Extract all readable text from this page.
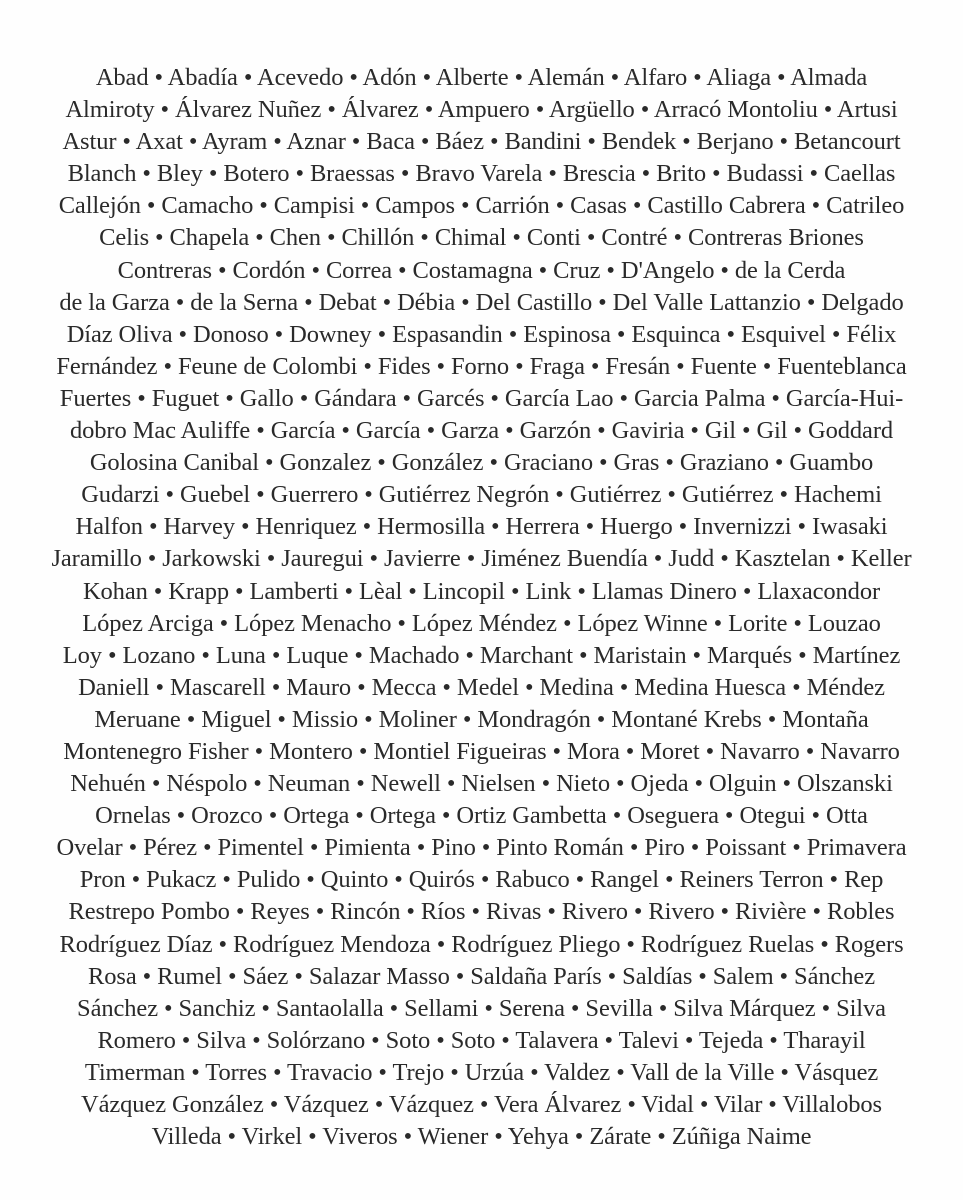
Abad • Abadía • Acevedo • Adón • Alberte • Alemán • Alfaro • Aliaga • Almada
Almiroty • Álvarez Nuñez • Álvarez • Ampuero • Argüello • Arracó Montoliu • Artusi
Astur • Axat • Ayram • Aznar • Baca • Báez • Bandini • Bendek • Berjano • Betancourt
Blanch • Bley • Botero • Braessas • Bravo Varela • Brescia • Brito • Budassi • Caellas
Callejón • Camacho • Campisi • Campos • Carrión • Casas • Castillo Cabrera • Catrileo
Celis • Chapela • Chen • Chillón • Chimal • Conti • Contré • Contreras Briones
Contreras • Cordón • Correa • Costamagna • Cruz • D'Angelo • de la Cerda
de la Garza • de la Serna • Debat • Débia • Del Castillo • Del Valle Lattanzio • Delgado
Díaz Oliva • Donoso • Downey • Espasandin • Espinosa • Esquinca • Esquivel • Félix
Fernández • Feune de Colombi • Fides • Forno • Fraga • Fresán • Fuente • Fuenteblanca
Fuertes • Fuguet • Gallo • Gándara • Garcés • García Lao • Garcia Palma • García-Hui-
dobro Mac Auliffe • García • García • Garza • Garzón • Gaviria • Gil • Gil • Goddard
Golosina Canibal • Gonzalez • González • Graciano • Gras • Graziano • Guambo
Gudarzi • Guebel • Guerrero • Gutiérrez Negrón • Gutiérrez • Gutiérrez • Hachemi
Halfon • Harvey • Henriquez • Hermosilla • Herrera • Huergo • Invernizzi • Iwasaki
Jaramillo • Jarkowski • Jauregui • Javierre • Jiménez Buendía • Judd • Kasztelan • Keller
Kohan • Krapp • Lamberti • Lèal • Lincopil • Link • Llamas Dinero • Llaxacondor
López Arciga • López Menacho • López Méndez • López Winne • Lorite • Louzao
Loy • Lozano • Luna • Luque • Machado • Marchant • Maristain • Marqués • Martínez
Daniell • Mascarell • Mauro • Mecca • Medel • Medina • Medina Huesca • Méndez
Meruane • Miguel • Missio • Moliner • Mondragón • Montané Krebs • Montaña
Montenegro Fisher • Montero • Montiel Figueiras • Mora • Moret • Navarro • Navarro
Nehuén • Néspolo • Neuman • Newell • Nielsen • Nieto • Ojeda • Olguin • Olszanski
Ornelas • Orozco • Ortega • Ortega • Ortiz Gambetta • Oseguera • Otegui • Otta
Ovelar • Pérez • Pimentel • Pimienta • Pino • Pinto Román • Piro • Poissant • Primavera
Pron • Pukacz • Pulido • Quinto • Quirós • Rabuco • Rangel • Reiners Terron • Rep
Restrepo Pombo • Reyes • Rincón • Ríos • Rivas • Rivero • Rivero • Rivière • Robles
Rodríguez Díaz • Rodríguez Mendoza • Rodríguez Pliego • Rodríguez Ruelas • Rogers
Rosa • Rumel • Sáez • Salazar Masso • Saldaña París • Saldías • Salem • Sánchez
Sánchez • Sanchiz • Santaolalla • Sellami • Serena • Sevilla • Silva Márquez • Silva
Romero • Silva • Solórzano • Soto • Soto • Talavera • Talevi • Tejeda • Tharayil
Timerman • Torres • Travacio • Trejo • Urzúa • Valdez • Vall de la Ville • Vásquez
Vázquez González • Vázquez • Vázquez • Vera Álvarez • Vidal • Vilar • Villalobos
Villeda • Virkel • Viveros • Wiener • Yehya • Zárate • Zúñiga Naime
